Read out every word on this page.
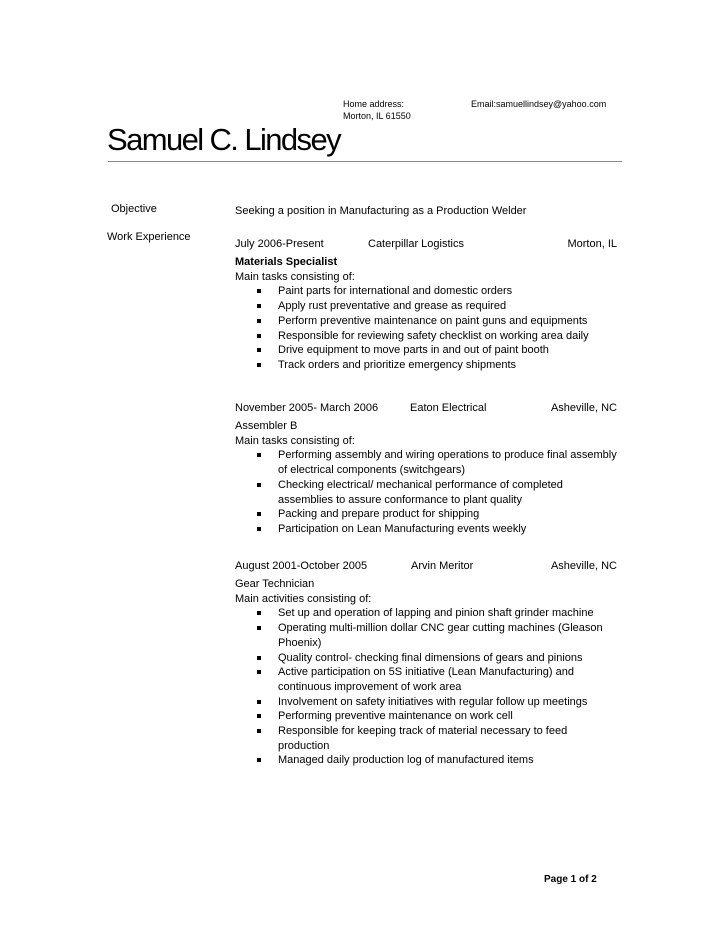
Home address:
Morton, IL 61550
Email:samuellindsey@yahoo.com
Samuel C. Lindsey
Objective	Seeking a position in Manufacturing as a Production Welder
Work Experience
July 2006-Present	Caterpillar Logistics	Morton, IL
Materials Specialist
Main tasks consisting of:
Paint parts for international and domestic orders
Apply rust preventative and grease as required
Perform preventive maintenance on paint guns and equipments
Responsible for reviewing safety checklist on working area daily
Drive equipment to move parts in and out of paint booth
Track orders and prioritize emergency shipments
November 2005- March 2006	Eaton Electrical	Asheville, NC
Assembler B
Main tasks consisting of:
Performing assembly and wiring operations to produce final assembly of electrical components (switchgears)
Checking electrical/ mechanical performance of completed assemblies to assure conformance to plant quality
Packing and prepare product for shipping
Participation on Lean Manufacturing events weekly
August 2001-October 2005	Arvin Meritor	Asheville, NC
Gear Technician
Main activities consisting of:
Set up and operation of lapping and pinion shaft grinder machine
Operating multi-million dollar CNC gear cutting machines (Gleason Phoenix)
Quality control- checking final dimensions of gears and pinions
Active participation on 5S initiative (Lean Manufacturing) and continuous improvement of work area
Involvement on safety initiatives with regular follow up meetings
Performing preventive maintenance on work cell
Responsible for keeping track of material necessary to feed production
Managed daily production log of manufactured items
Page 1 of 2
